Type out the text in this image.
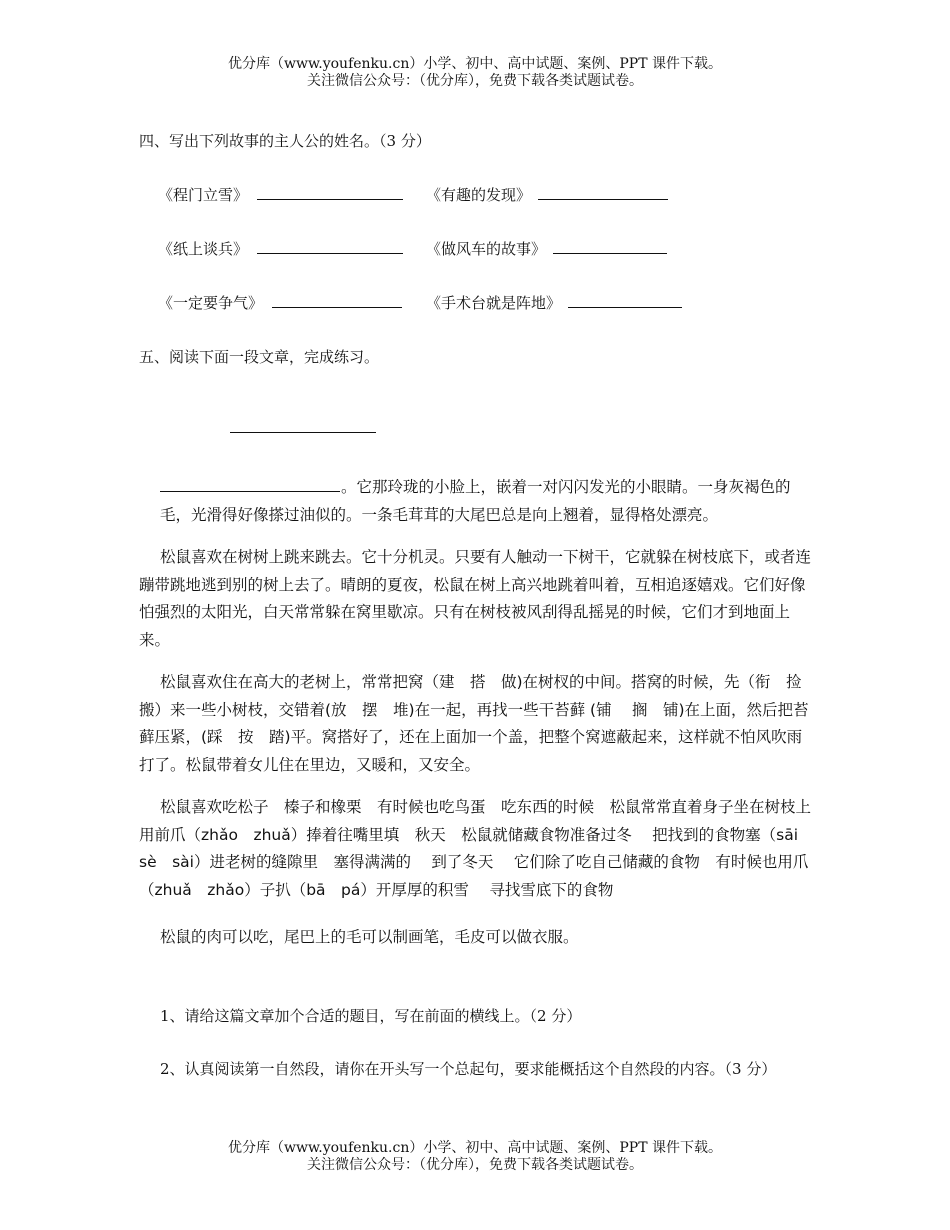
优分库（www.youfenku.cn）小学、初中、高中试题、案例、PPT 课件下载。
关注微信公众号：（优分库），免费下载各类试题试卷。
四、写出下列故事的主人公的姓名。（3 分）
《程门立雪》	《有趣的发现》
《纸上谈兵》	《做风车的故事》
《一定要争气》	《手术台就是阵地》
五、阅读下面一段文章，完成练习。

。它那玲珑的小脸上，嵌着一对闪闪发光的小眼睛。一身灰褐色的毛，光滑得好像搽过油似的。一条毛茸茸的大尾巴总是向上翘着，显得格处漂亮。

松鼠喜欢在树树上跳来跳去。它十分机灵。只要有人触动一下树干，它就躲在树枝底下，或者连蹦带跳地逃到别的树上去了。晴朗的夏夜，松鼠在树上高兴地跳着叫着，互相追逐嬉戏。它们好像怕强烈的太阳光，白天常常躲在窝里歇凉。只有在树枝被风刮得乱摇晃的时候，它们才到地面上来。

松鼠喜欢住在高大的老树上，常常把窝（建　搭　做)在树杈的中间。搭窝的时候，先（衔　捡　搬）来一些小树枝，交错着(放　摆　堆)在一起，再找一些干苔藓 (铺　 搁　铺)在上面，然后把苔藓压紧，(踩　按　踏)平。窝搭好了，还在上面加一个盖，把整个窝遮蔽起来，这样就不怕风吹雨打了。松鼠带着女儿住在里边，又暖和，又安全。

松鼠喜欢吃松子　榛子和橡栗　有时候也吃鸟蛋　吃东西的时候　松鼠常常直着身子坐在树枝上　用前爪（zhǎo　zhuǎ）捧着往嘴里填　秋天　松鼠就储藏食物准备过冬　 把找到的食物塞（sāi　sè　sài）进老树的缝隙里　塞得满满的　 到了冬天　 它们除了吃自己储藏的食物　有时候也用爪（zhuǎ　zhǎo）子扒（bā　pá）开厚厚的积雪　 寻找雪底下的食物

松鼠的肉可以吃，尾巴上的毛可以制画笔，毛皮可以做衣服。

1、请给这篇文章加个合适的题目，写在前面的横线上。（2 分）
2、认真阅读第一自然段，请你在开头写一个总起句，要求能概括这个自然段的内容。（3 分）
优分库（www.youfenku.cn）小学、初中、高中试题、案例、PPT 课件下载。
关注微信公众号：（优分库），免费下载各类试题试卷。
